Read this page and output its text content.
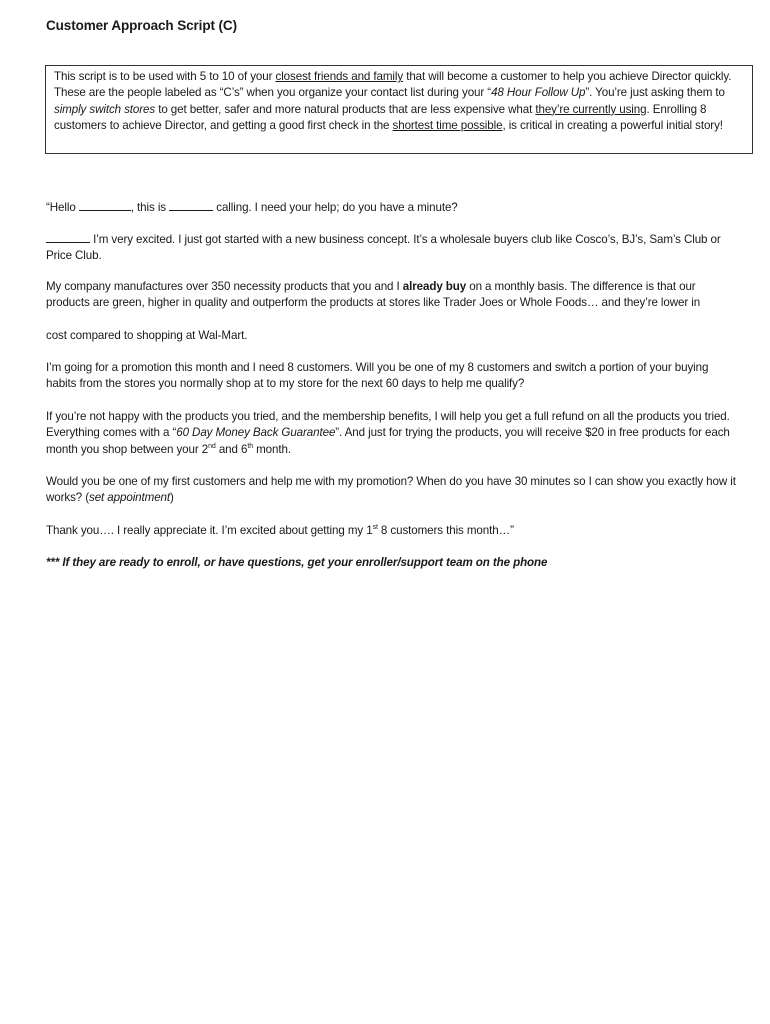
Customer Approach Script (C)
This script is to be used with 5 to 10 of your closest friends and family that will become a customer to help you achieve Director quickly. These are the people labeled as “C’s” when you organize your contact list during your “48 Hour Follow Up”. You’re just asking them to simply switch stores to get better, safer and more natural products that are less expensive what they’re currently using. Enrolling 8 customers to achieve Director, and getting a good first check in the shortest time possible, is critical in creating a powerful initial story!

“Hello	, this is	calling. I need your help; do you have a minute?

I’m very excited. I just got started with a new business concept. It’s a wholesale buyers club like Cosco’s, BJ’s, Sam’s Club or Price Club.

My company manufactures over 350 necessity products that you and I already buy on a monthly basis. The difference is that our products are green, higher in quality and outperform the products at stores like Trader Joes or Whole Foods… and they’re lower in

cost compared to shopping at Wal-Mart.

I’m going for a promotion this month and I need 8 customers. Will you be one of my 8 customers and switch a portion of your buying habits from the stores you normally shop at to my store for the next 60 days to help me qualify?

If you’re not happy with the products you tried, and the membership benefits, I will help you get a full refund on all the products you tried. Everything comes with a “60 Day Money Back Guarantee”. And just for trying the products, you will receive $20 in free products for each month you shop between your 2nd and 6th month.

Would you be one of my first customers and help me with my promotion? When do you have 30 minutes so I can show you exactly how it works? (set appointment)

Thank you…. I really appreciate it. I’m excited about getting my 1st 8 customers this month…”

*** If they are ready to enroll, or have questions, get your enroller/support team on the phone
